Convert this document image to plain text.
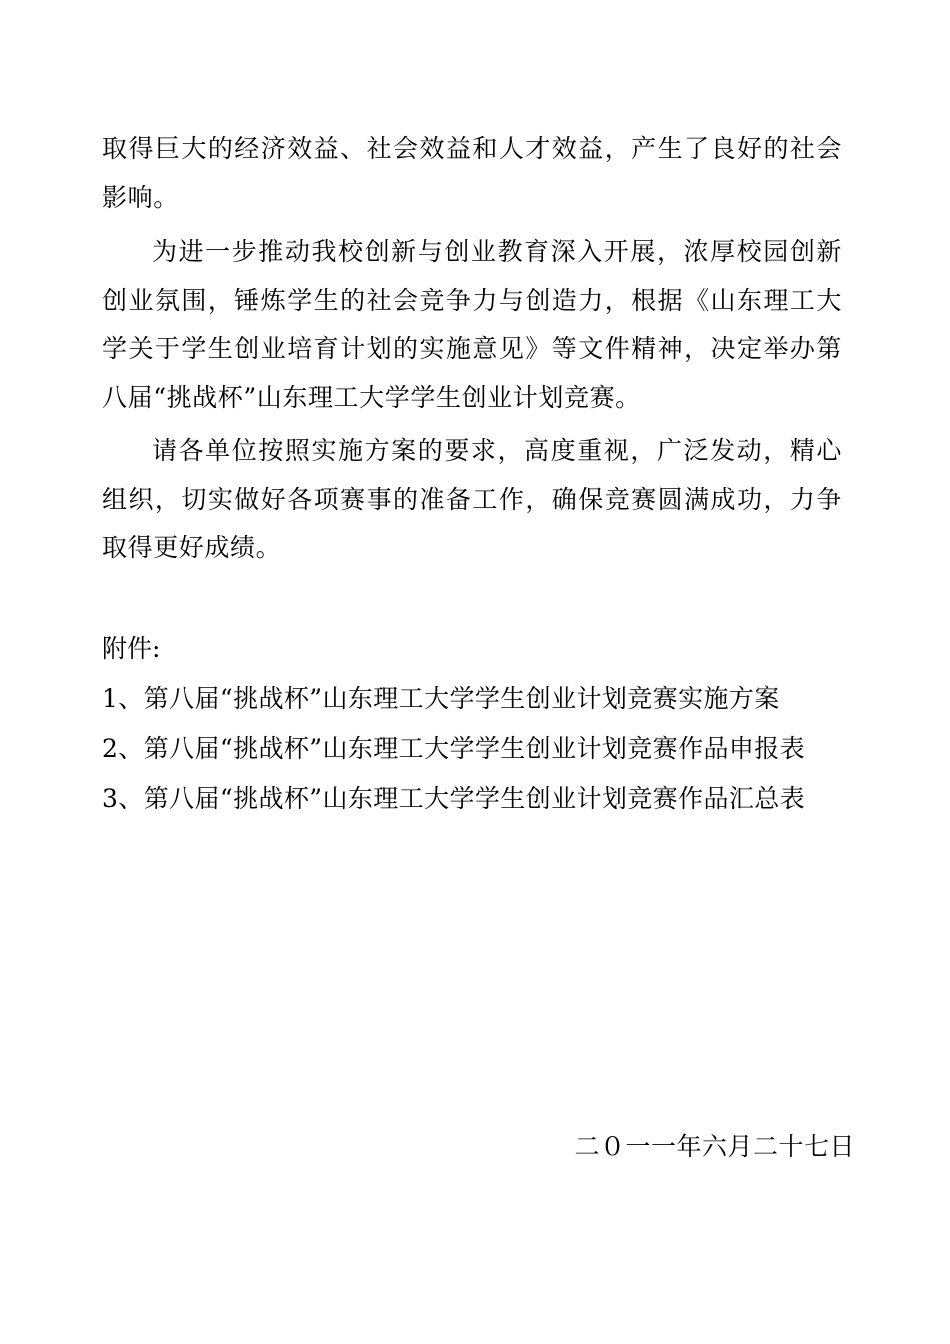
取得巨大的经济效益、社会效益和人才效益，产生了良好的社会影响。

为进一步推动我校创新与创业教育深入开展，浓厚校园创新创业氛围，锤炼学生的社会竞争力与创造力，根据《山东理工大学关于学生创业培育计划的实施意见》等文件精神，决定举办第八届“挑战杯”山东理工大学学生创业计划竞赛。

请各单位按照实施方案的要求，高度重视，广泛发动，精心组织，切实做好各项赛事的准备工作，确保竞赛圆满成功，力争取得更好成绩。

附件:

1、第八届“挑战杯”山东理工大学学生创业计划竞赛实施方案

2、第八届“挑战杯”山东理工大学学生创业计划竞赛作品申报表

3、第八届“挑战杯”山东理工大学学生创业计划竞赛作品汇总表

二０一一年六月二十七日
